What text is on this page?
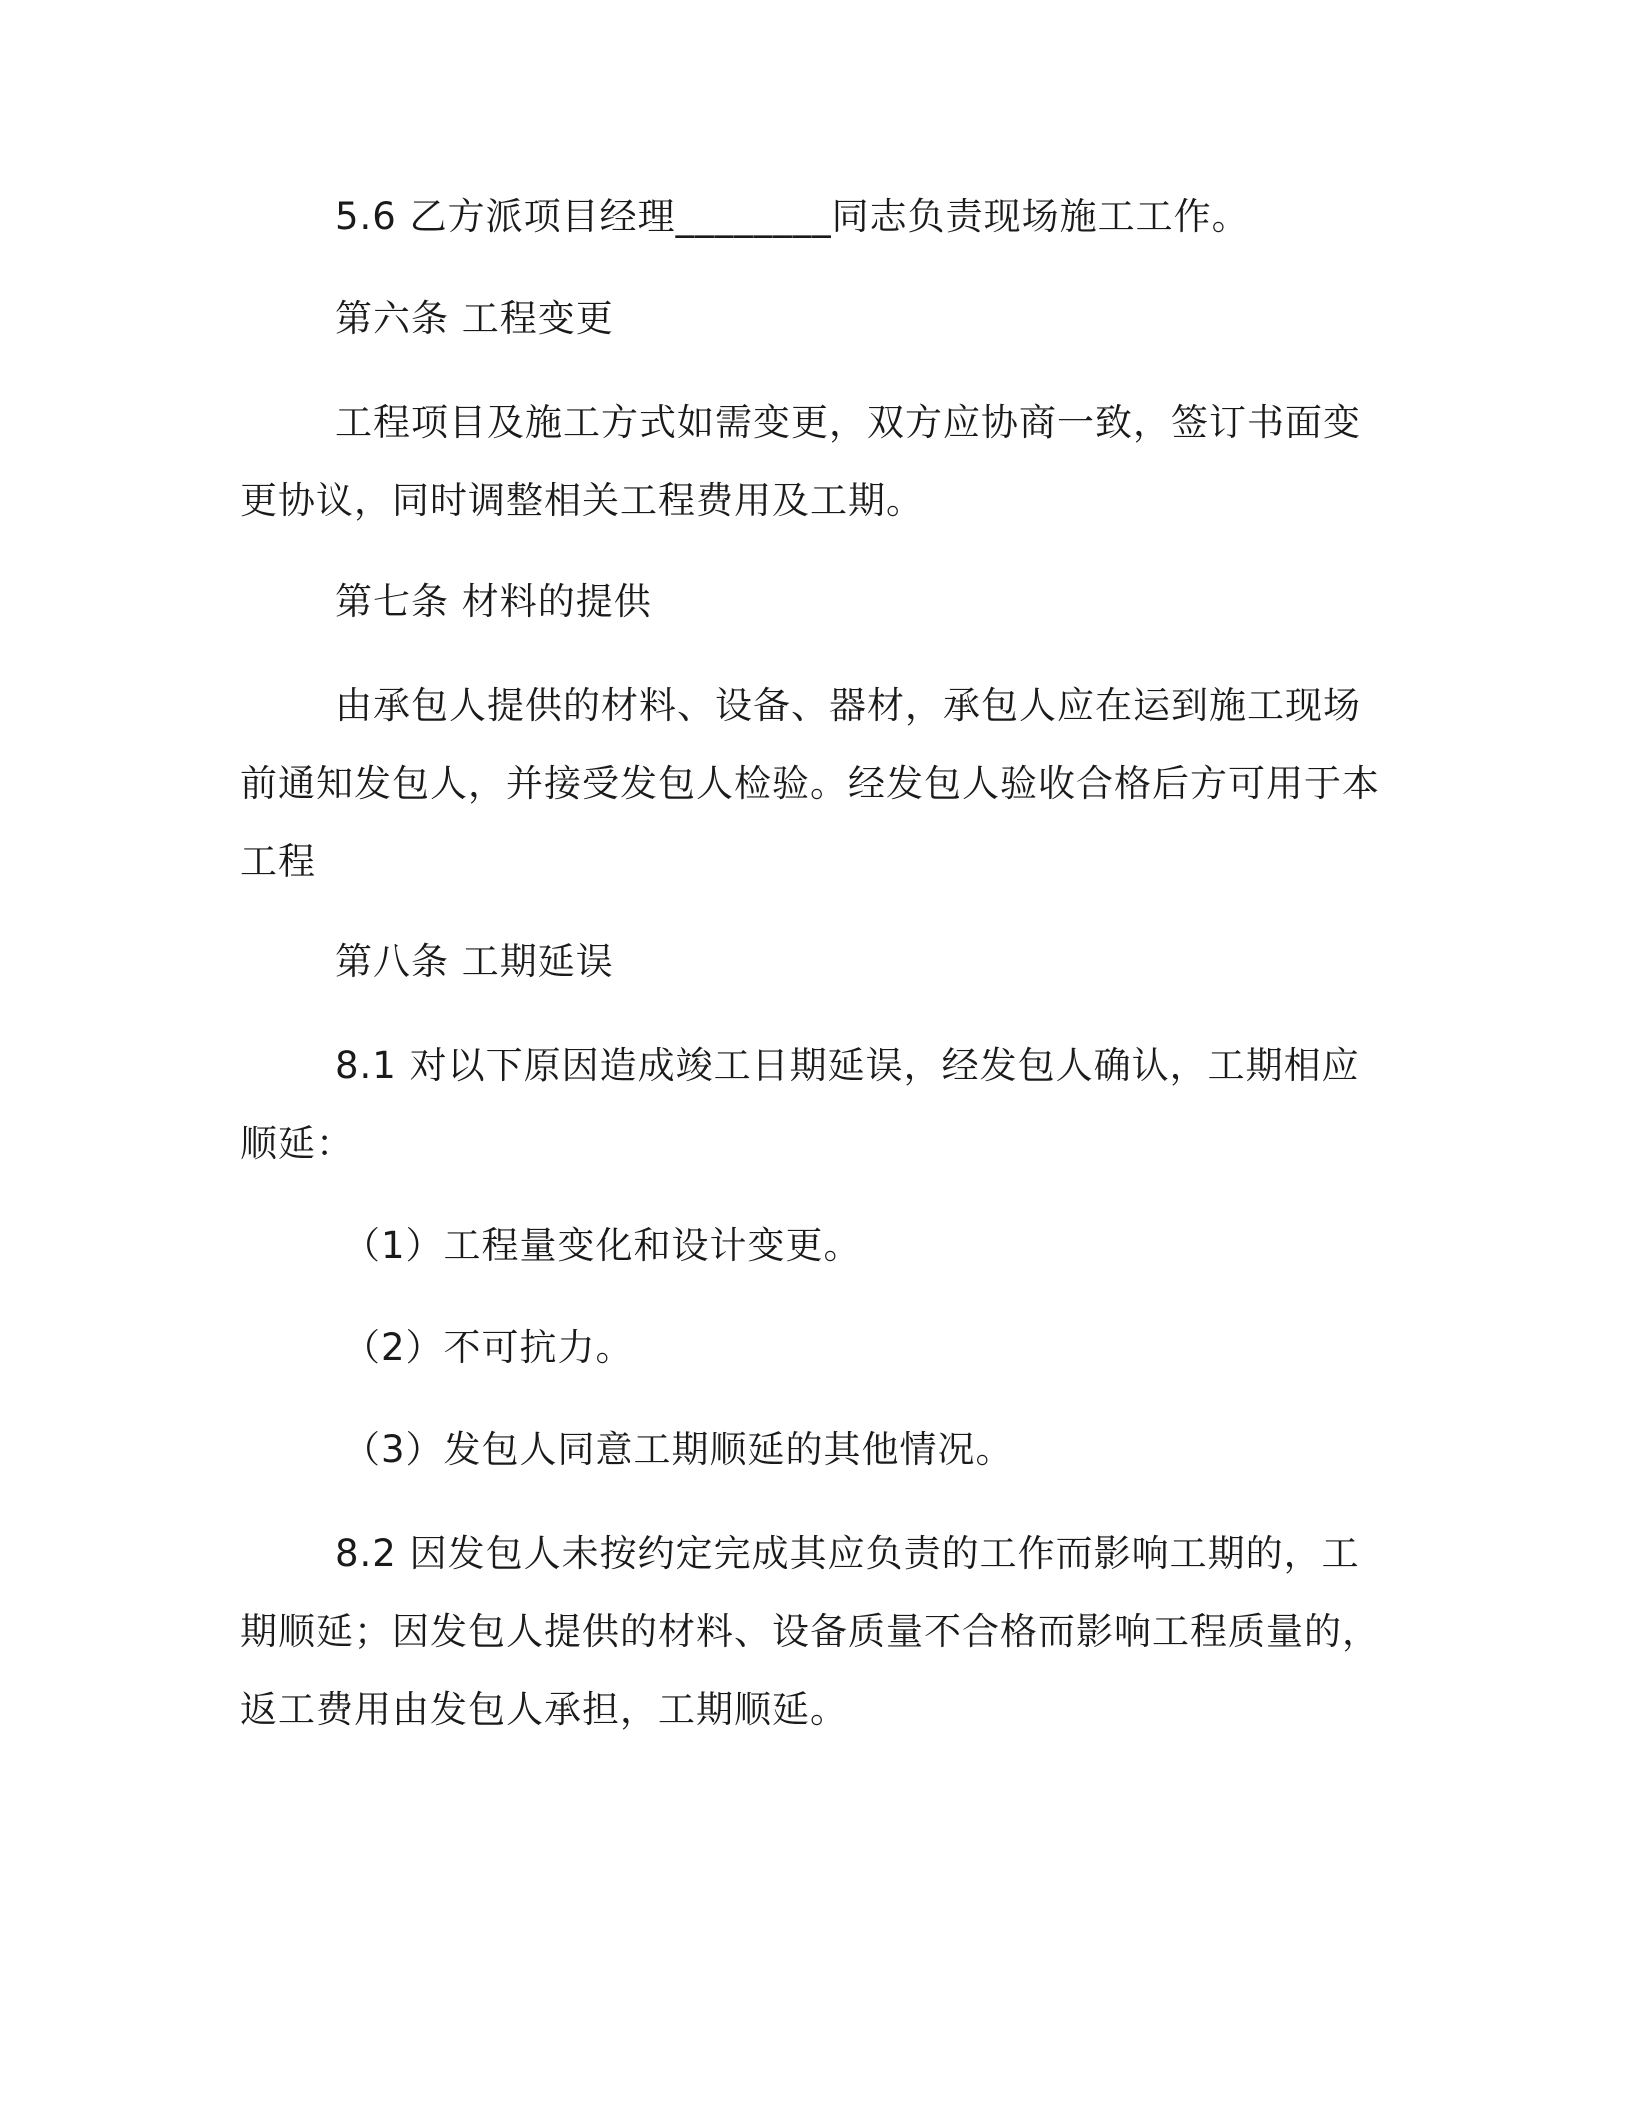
5.6 乙方派项目经理________同志负责现场施工工作。

第六条 工程变更

工程项目及施工方式如需变更，双方应协商一致，签订书面变更协议，同时调整相关工程费用及工期。

第七条 材料的提供

由承包人提供的材料、设备、器材，承包人应在运到施工现场前通知发包人，并接受发包人检验。经发包人验收合格后方可用于本工程

第八条 工期延误

8.1 对以下原因造成竣工日期延误，经发包人确认，工期相应顺延：

（1）工程量变化和设计变更。

（2）不可抗力。

（3）发包人同意工期顺延的其他情况。

8.2 因发包人未按约定完成其应负责的工作而影响工期的，工期顺延；因发包人提供的材料、设备质量不合格而影响工程质量的，返工费用由发包人承担，工期顺延。
